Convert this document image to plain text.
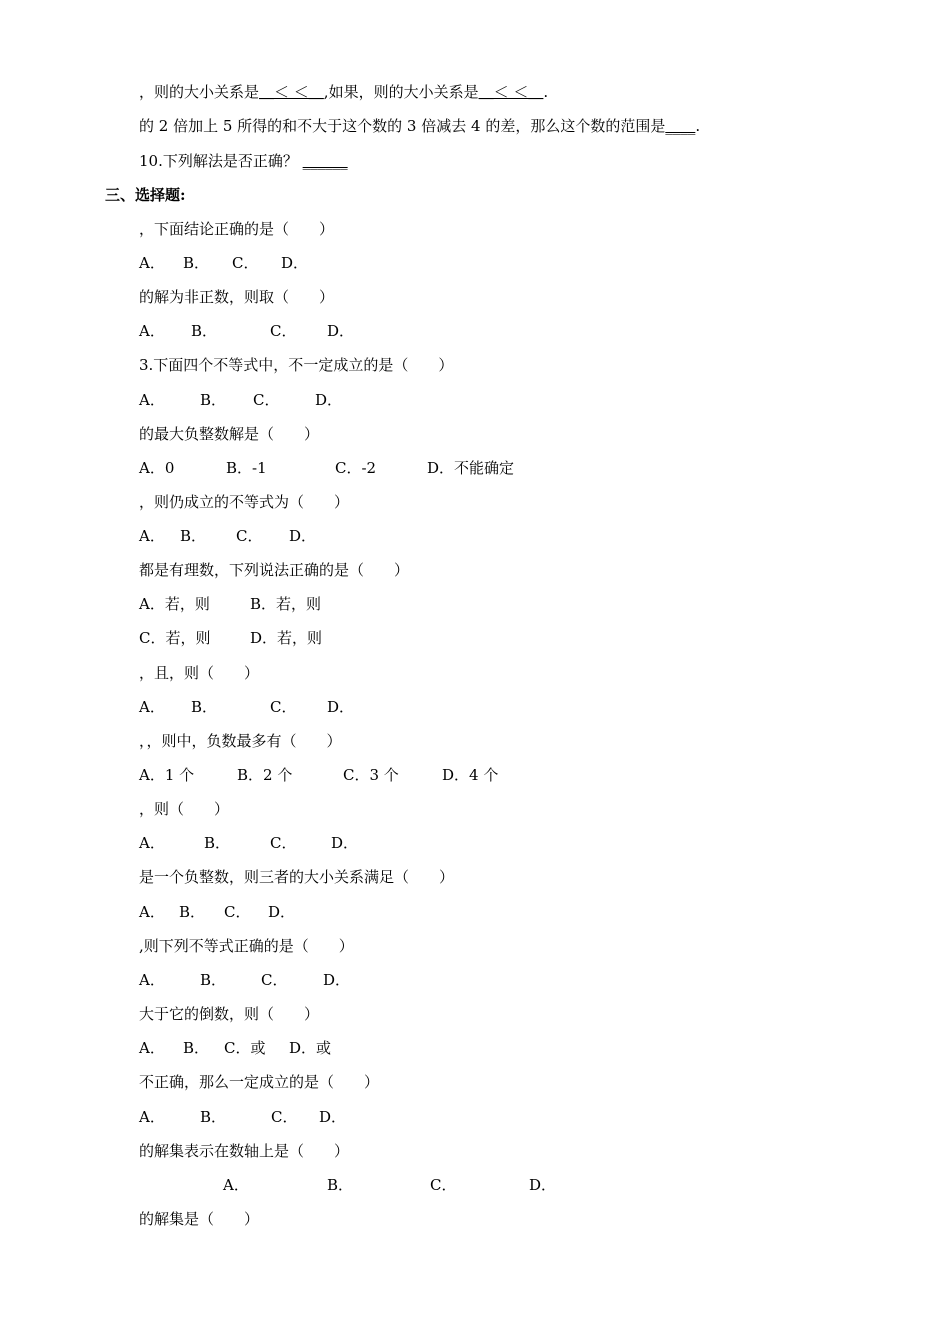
，则的大小关系是＿＜ ＜＿,如果，则的大小关系是＿＜ ＜＿.
的 2 倍加上 5 所得的和不大于这个数的 3 倍减去 4 的差，那么这个数的范围是____.
10.下列解法是否正确？ ______
三、选择题:
，下面结论正确的是（　　）
A． B． C． D．
的解为非正数，则取（　　）
A． B．	C． D．
3.下面四个不等式中，不一定成立的是（　　）
A． B． C． D．
的最大负整数解是（　　）
A．0	B．-1	C．-2	D．不能确定
，则仍成立的不等式为（　　）
A． B． C． D．
都是有理数，下列说法正确的是（　　）
A．若，则	B．若，则
C．若，则	D．若，则
，且，则（　　）
A． B．	C． D．
，，则中，负数最多有（　　）
A．1 个	B．2 个	C．3 个	D．4 个
，则（　　）
A．	B．	C． D．
是一个负整数，则三者的大小关系满足（　　）
A． B． C． D．
,则下列不等式正确的是（　　）
A． B． C． D．
大于它的倒数，则（　　）
A． B． C．或 D．或
不正确，那么一定成立的是（　　）
A． B．	C． D．
的解集表示在数轴上是（　　）
A．	B．	C．	D．
的解集是（　　）
